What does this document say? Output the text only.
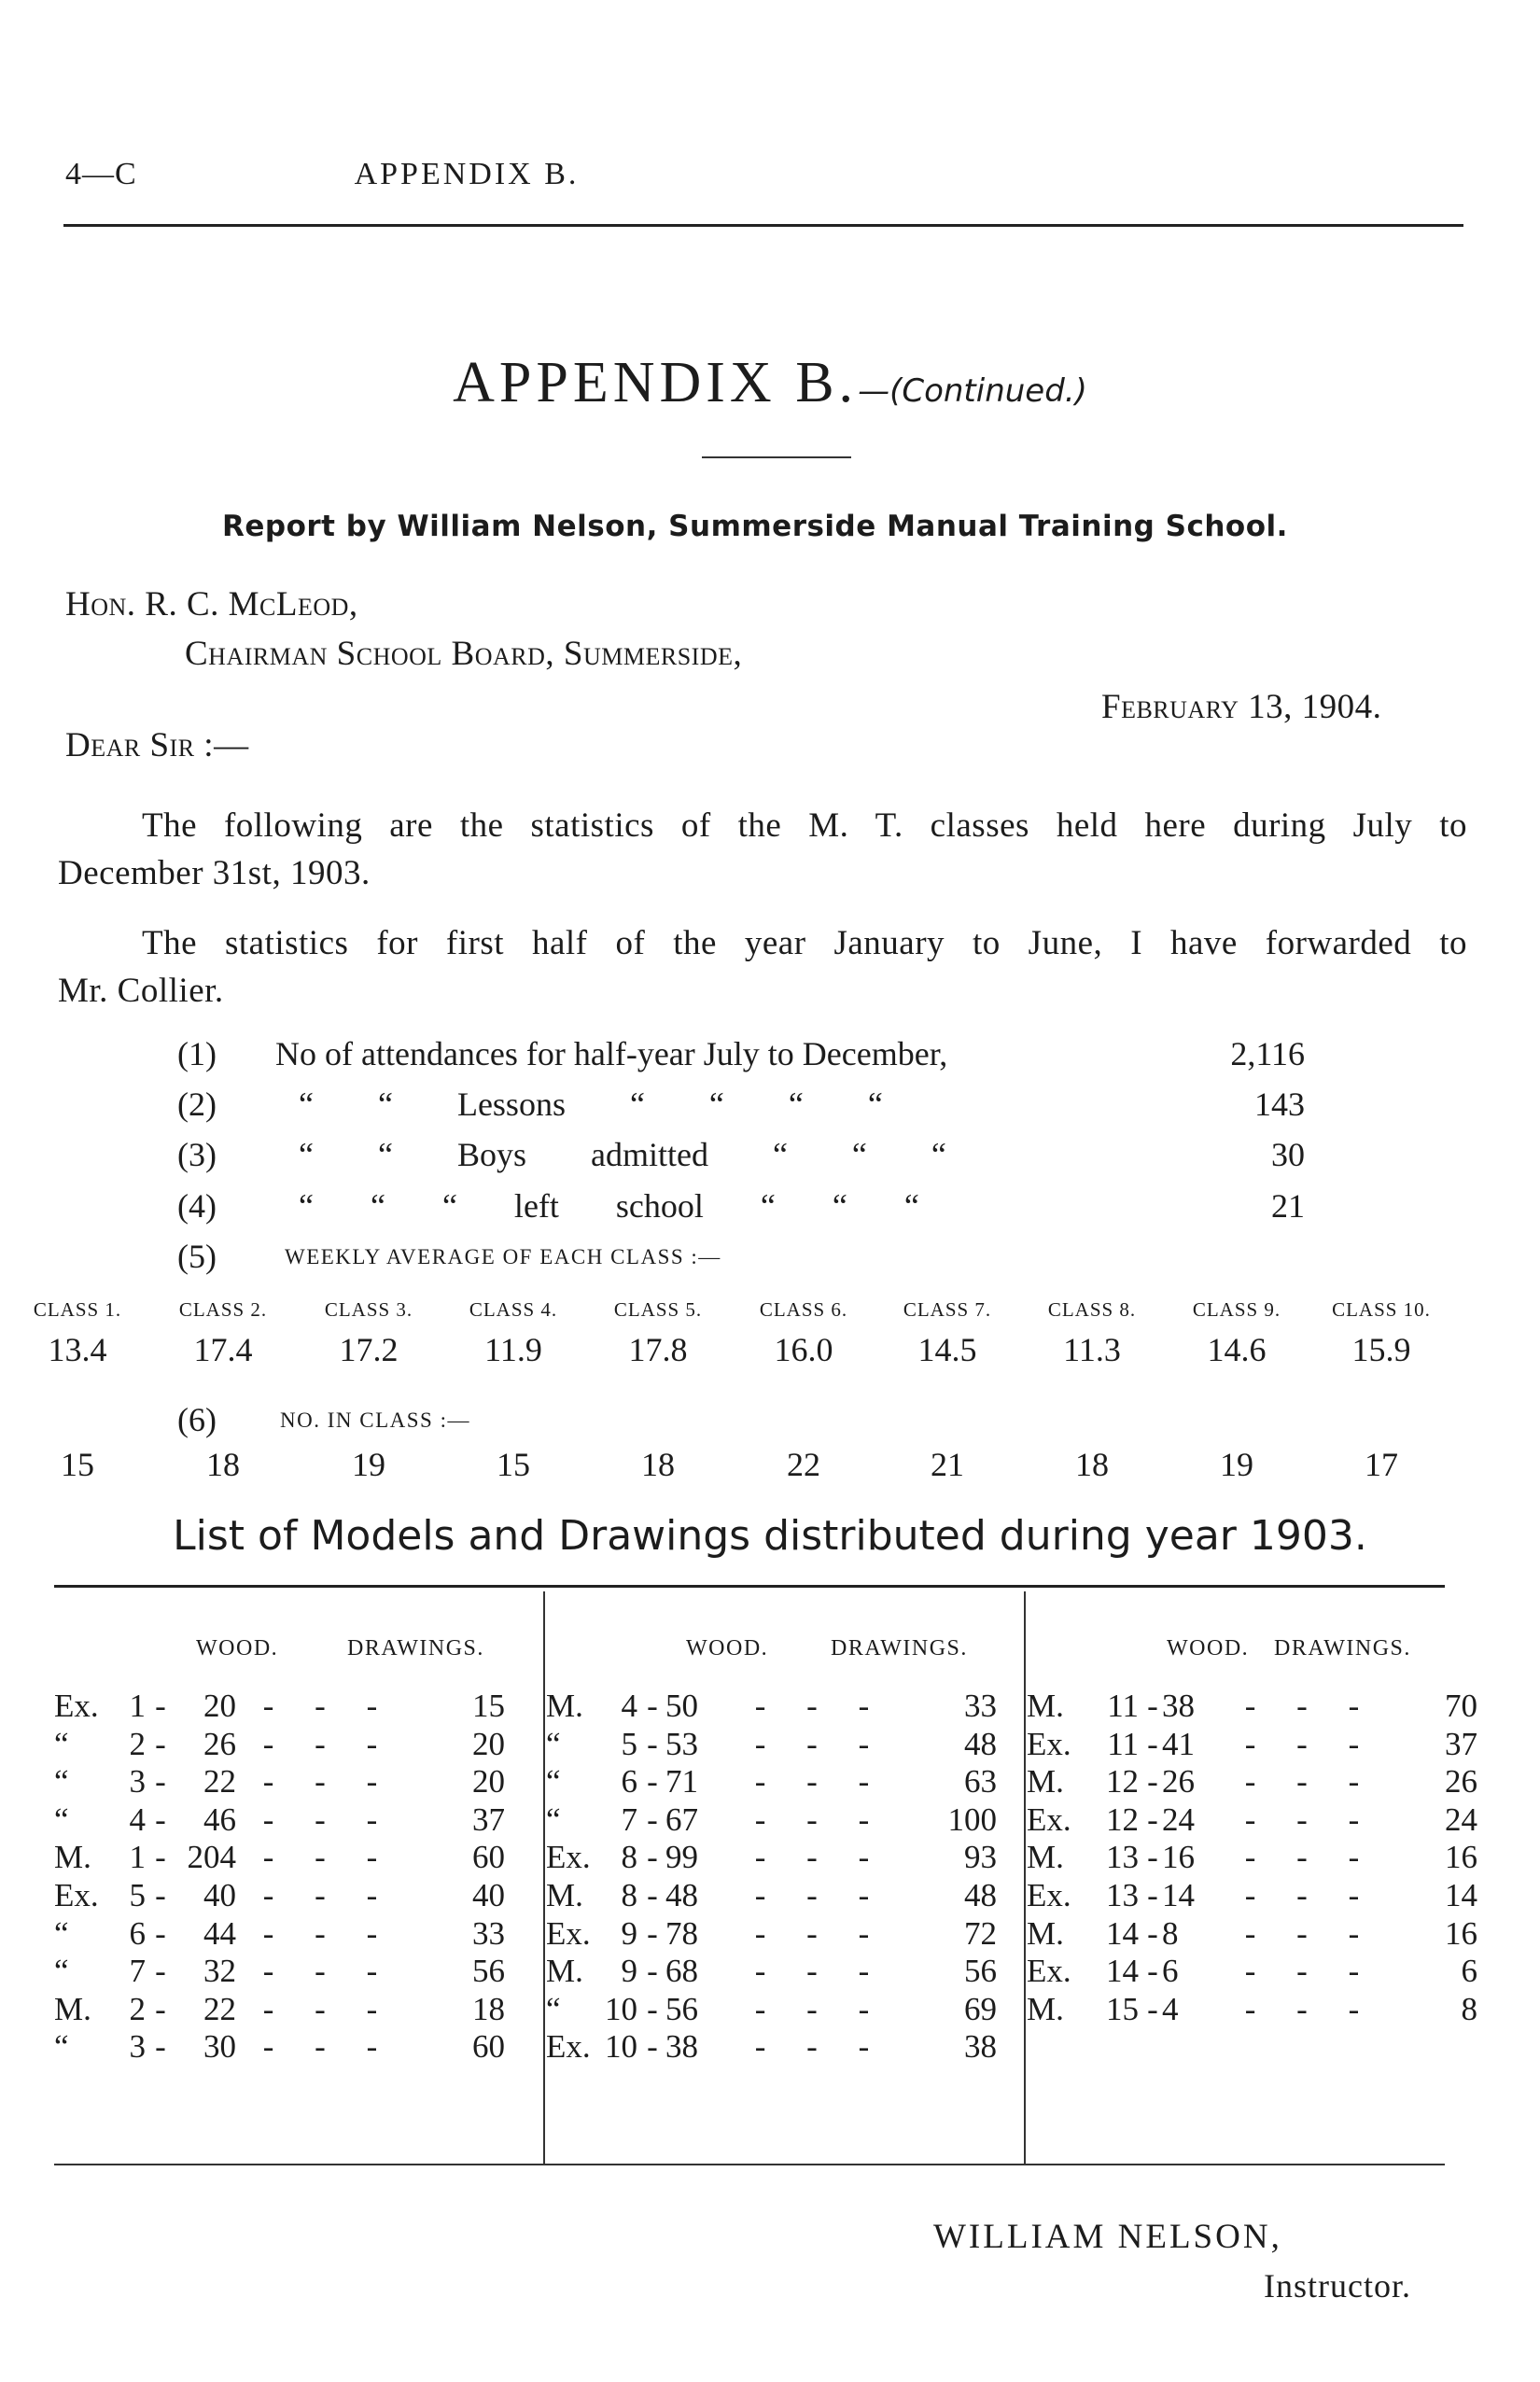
4—C	APPENDIX B.
APPENDIX B.—(Continued.)
Report by William Nelson, Summerside Manual Training School.
Hon. R. C. McLeod,
Chairman School Board, Summerside,
February 13, 1904.
Dear Sir :—
The following are the statistics of the M. T. classes held here during July to
December 31st, 1903.
The statistics for first half of the year January to June, I have forwarded to
Mr. Collier.
(1) No of attendances for half-year July to December,	2,116
(2) “ “ Lessons “ “ “ “	143
(3) “ “ Boys admitted “ “ “	30
(4) “ “ “ left school “ “ “	21
(5)	WEEKLY AVERAGE OF EACH CLASS :—
CLASS 1.	CLASS 2.	CLASS 3.	CLASS 4.	CLASS 5.	CLASS 6.	CLASS 7.	CLASS 8.	CLASS 9.	CLASS 10.
13.4	17.4	17.2	11.9	17.8	16.0	14.5	11.3	14.6	15.9
(6)	NO. IN CLASS :—
15	18	19	15	18	22	21	18	19	17
List of Models and Drawings distributed during year 1903.
WOOD.	DRAWINGS.	WOOD.	DRAWINGS.	WOOD. DRAWINGS.
Ex. 1 -	20 -     -     -	15
“	2 -	26 -     -     -	20
“	3 -	22 -     -     -	20
“	4 -	46 -     -     -	37
M.	1 - 204 -     -     -	60
Ex. 5 -	40 -     -     -	40
“	6 -	44 -     -     -	33
“	7 -	32 -     -     -	56
M.	2 -	22 -     -     -	18
“	3 -	30 -     -     -	60
M.	4 - 50	-     -     -	33
“	5 - 53	-     -     -	48
“	6 - 71	-     -     -	63
“	7 - 67	-     -     -	100
Ex. 8 - 99	-     -     -	93
M.	8 - 48	-     -     -	48
Ex. 9 - 78	-     -     -	72
M.	9 - 68	-     -     -	56
“	10 - 56	-     -     -	69
Ex. 10 - 38	-     -     -	38
M.	11 - 38	-     -     -	70
Ex.	11 - 41	-     -     -	37
M.	12 - 26	-     -     -	26
Ex.	12 - 24	-     -     -	24
M.	13 - 16	-     -     -	16
Ex.	13 - 14	-     -     -	14
M.	14 - 8	-     -     -	16
Ex.	14 - 6	-     -     -	6
M.	15 - 4	-     -     -	8
WILLIAM NELSON,
Instructor.
